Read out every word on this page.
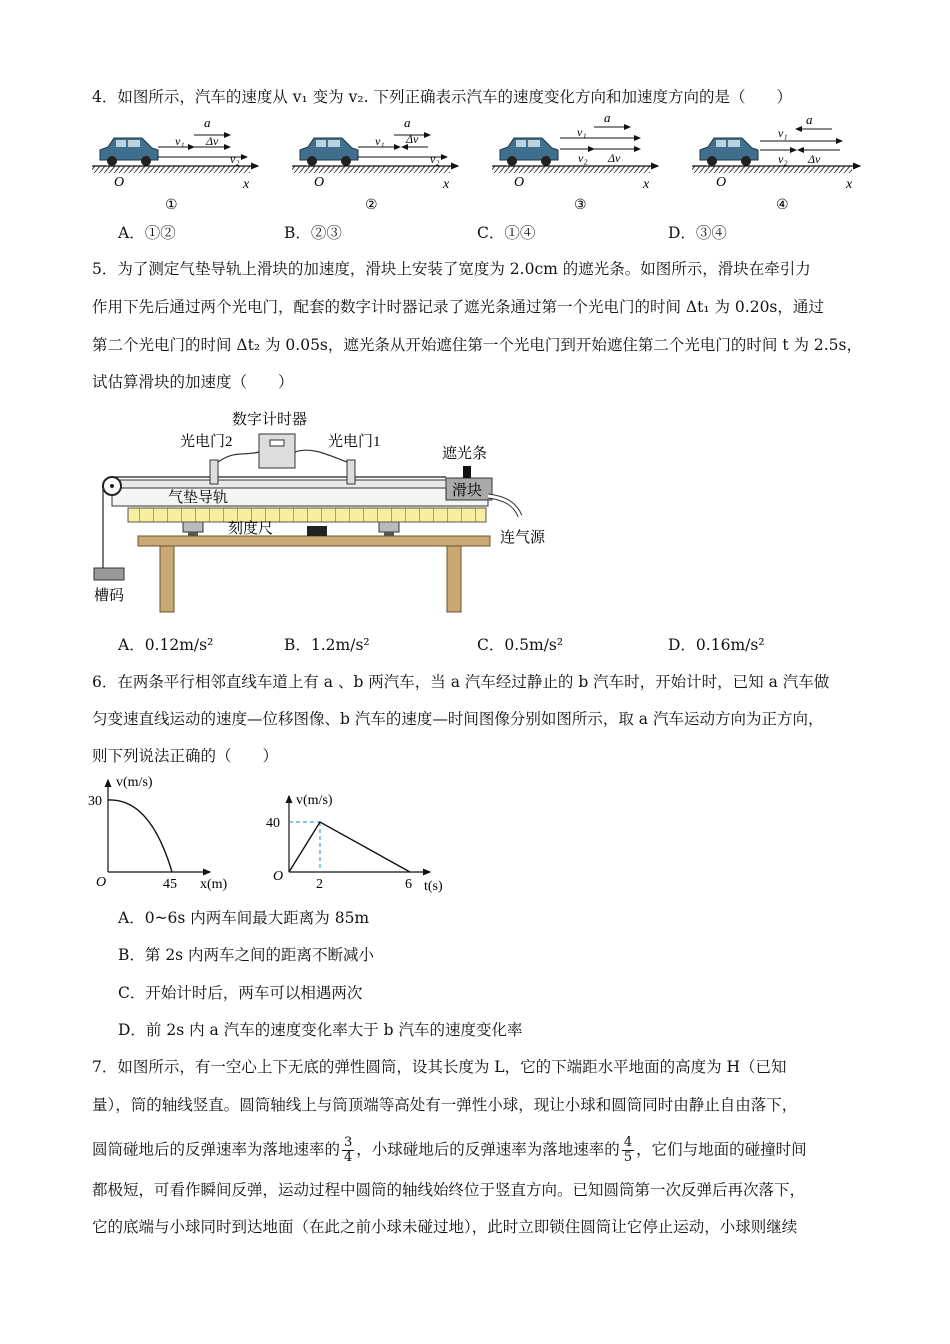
4．如图所示，汽车的速度从 v₁ 变为 v₂. 下列正确表示汽车的速度变化方向和加速度方向的是（　　）
O	x
a
v₁ Δv
v₂
①
O	x
a
v₁ Δv
v₂
②
O	x
a
v₁
v₂ Δv
③
O	x
a
v₁
v₂ Δv
④
A．①②	B．②③	C．①④	D．③④
5．为了测定气垫导轨上滑块的加速度，滑块上安装了宽度为 2.0cm 的遮光条。如图所示，滑块在牵引力
作用下先后通过两个光电门，配套的数字计时器记录了遮光条通过第一个光电门的时间 Δt₁ 为 0.20s，通过
第二个光电门的时间 Δt₂ 为 0.05s，遮光条从开始遮住第一个光电门到开始遮住第二个光电门的时间 t 为 2.5s，
试估算滑块的加速度（　　）
数字计时器
光电门2	光电门1
遮光条
滑块
气垫导轨
刻度尺
连气源
槽码
A．0.12m/s²	B．1.2m/s²	C．0.5m/s²	D．0.16m/s²
6．在两条平行相邻直线车道上有 a 、b 两汽车，当 a 汽车经过静止的 b 汽车时，开始计时，已知 a 汽车做
匀变速直线运动的速度—位移图像、b 汽车的速度—时间图像分别如图所示，取 a 汽车运动方向为正方向，
则下列说法正确的（　　）
v(m/s)
30
O	45 x(m)
v(m/s)
40
O
2	6 t(s)
A．0~6s 内两车间最大距离为 85m
B．第 2s 内两车之间的距离不断减小
C．开始计时后，两车可以相遇两次
D．前 2s 内 a 汽车的速度变化率大于 b 汽车的速度变化率
7．如图所示，有一空心上下无底的弹性圆筒，设其长度为 L，它的下端距水平地面的高度为 H（已知
量），筒的轴线竖直。圆筒轴线上与筒顶端等高处有一弹性小球，现让小球和圆筒同时由静止自由落下，
圆筒碰地后的反弹速率为落地速率的 $\frac{3}{4}$ ，小球碰地后的反弹速率为落地速率的 $\frac{4}{5}$ ，它们与地面的碰撞时间
都极短，可看作瞬间反弹，运动过程中圆筒的轴线始终位于竖直方向。已知圆筒第一次反弹后再次落下，
它的底端与小球同时到达地面（在此之前小球未碰过地），此时立即锁住圆筒让它停止运动，小球则继续
